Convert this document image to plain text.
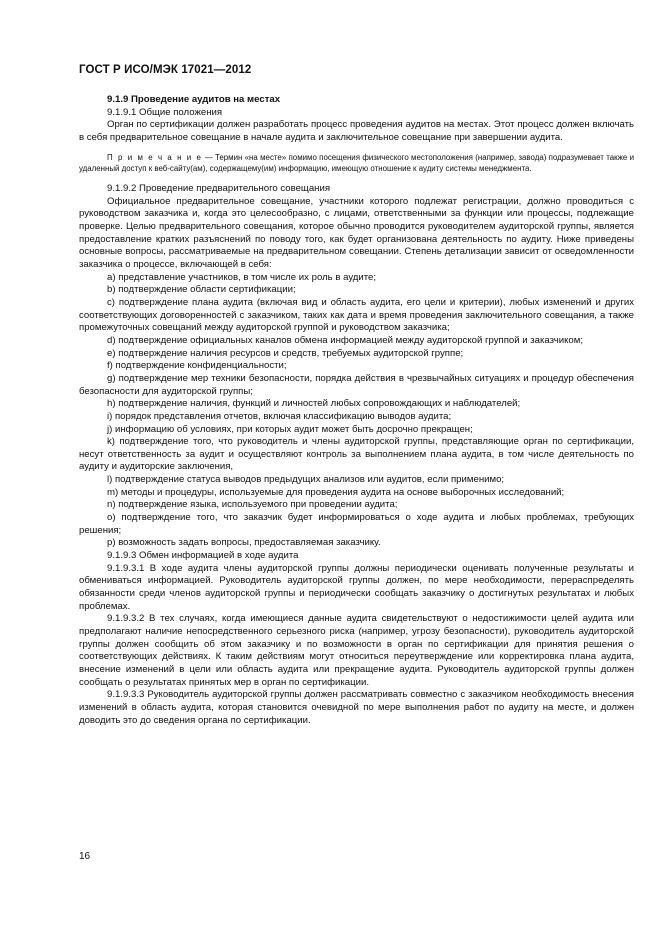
ГОСТ Р ИСО/МЭК 17021—2012

9.1.9 Проведение аудитов на местах

9.1.9.1 Общие положения

Орган по сертификации должен разработать процесс проведения аудитов на местах. Этот процесс должен включать в себя предварительное совещание в начале аудита и заключительное совещание при завершении аудита.

П р и м е ч а н и е — Термин «на месте» помимо посещения физического местоположения (например, завода) подразумевает также и удаленный доступ к веб-сайту(ам), содержащему(им) информацию, имеющую отношение к аудиту системы менеджмента.

9.1.9.2 Проведение предварительного совещания

Официальное предварительное совещание, участники которого подлежат регистрации, должно проводиться с руководством заказчика и, когда это целесообразно, с лицами, ответственными за функции или процессы, подлежащие проверке. Целью предварительного совещания, которое обычно проводится руководителем аудиторской группы, является предоставление кратких разъяснений по поводу того, как будет организована деятельность по аудиту. Ниже приведены основные вопросы, рассматриваемые на предварительном совещании. Степень детализации зависит от осведомленности заказчика о процессе, включающей в себя:

a) представление участников, в том числе их роль в аудите;

b) подтверждение области сертификации;

c) подтверждение плана аудита (включая вид и область аудита, его цели и критерии), любых изменений и других соответствующих договоренностей с заказчиком, таких как дата и время проведения заключительного совещания, а также промежуточных совещаний между аудиторской группой и руководством заказчика;

d) подтверждение официальных каналов обмена информацией между аудиторской группой и заказчиком;

e) подтверждение наличия ресурсов и средств, требуемых аудиторской группе;

f) подтверждение конфиденциальности;

g) подтверждение мер техники безопасности, порядка действия в чрезвычайных ситуациях и процедур обеспечения безопасности для аудиторской группы;

h) подтверждение наличия, функций и личностей любых сопровождающих и наблюдателей;

i) порядок представления отчетов, включая классификацию выводов аудита;

j) информацию об условиях, при которых аудит может быть досрочно прекращен;

k) подтверждение того, что руководитель и члены аудиторской группы, представляющие орган по сертификации, несут ответственность за аудит и осуществляют контроль за выполнением плана аудита, в том числе деятельность по аудиту и аудиторские заключения,

l) подтверждение статуса выводов предыдущих анализов или аудитов, если применимо;

m) методы и процедуры, используемые для проведения аудита на основе выборочных исследований;

n) подтверждение языка, используемого при проведении аудита;

o) подтверждение того, что заказчик будет информироваться о ходе аудита и любых проблемах, требующих решения;

p) возможность задать вопросы, предоставляемая заказчику.

9.1.9.3 Обмен информацией в ходе аудита

9.1.9.3.1 В ходе аудита члены аудиторской группы должны периодически оценивать полученные результаты и обмениваться информацией. Руководитель аудиторской группы должен, по мере необходимости, перераспределять обязанности среди членов аудиторской группы и периодически сообщать заказчику о достигнутых результатах и любых проблемах.

9.1.9.3.2 В тех случаях, когда имеющиеся данные аудита свидетельствуют о недостижимости целей аудита или предполагают наличие непосредственного серьезного риска (например, угрозу безопасности), руководитель аудиторской группы должен сообщить об этом заказчику и по возможности в орган по сертификации для принятия решения о соответствующих действиях. К таким действиям могут относиться переутверждение или корректировка плана аудита, внесение изменений в цели или область аудита или прекращение аудита. Руководитель аудиторской группы должен сообщать о результатах принятых мер в орган по сертификации.

9.1.9.3.3 Руководитель аудиторской группы должен рассматривать совместно с заказчиком необходимость внесения изменений в область аудита, которая становится очевидной по мере выполнения работ по аудиту на месте, и должен доводить это до сведения органа по сертификации.

16
